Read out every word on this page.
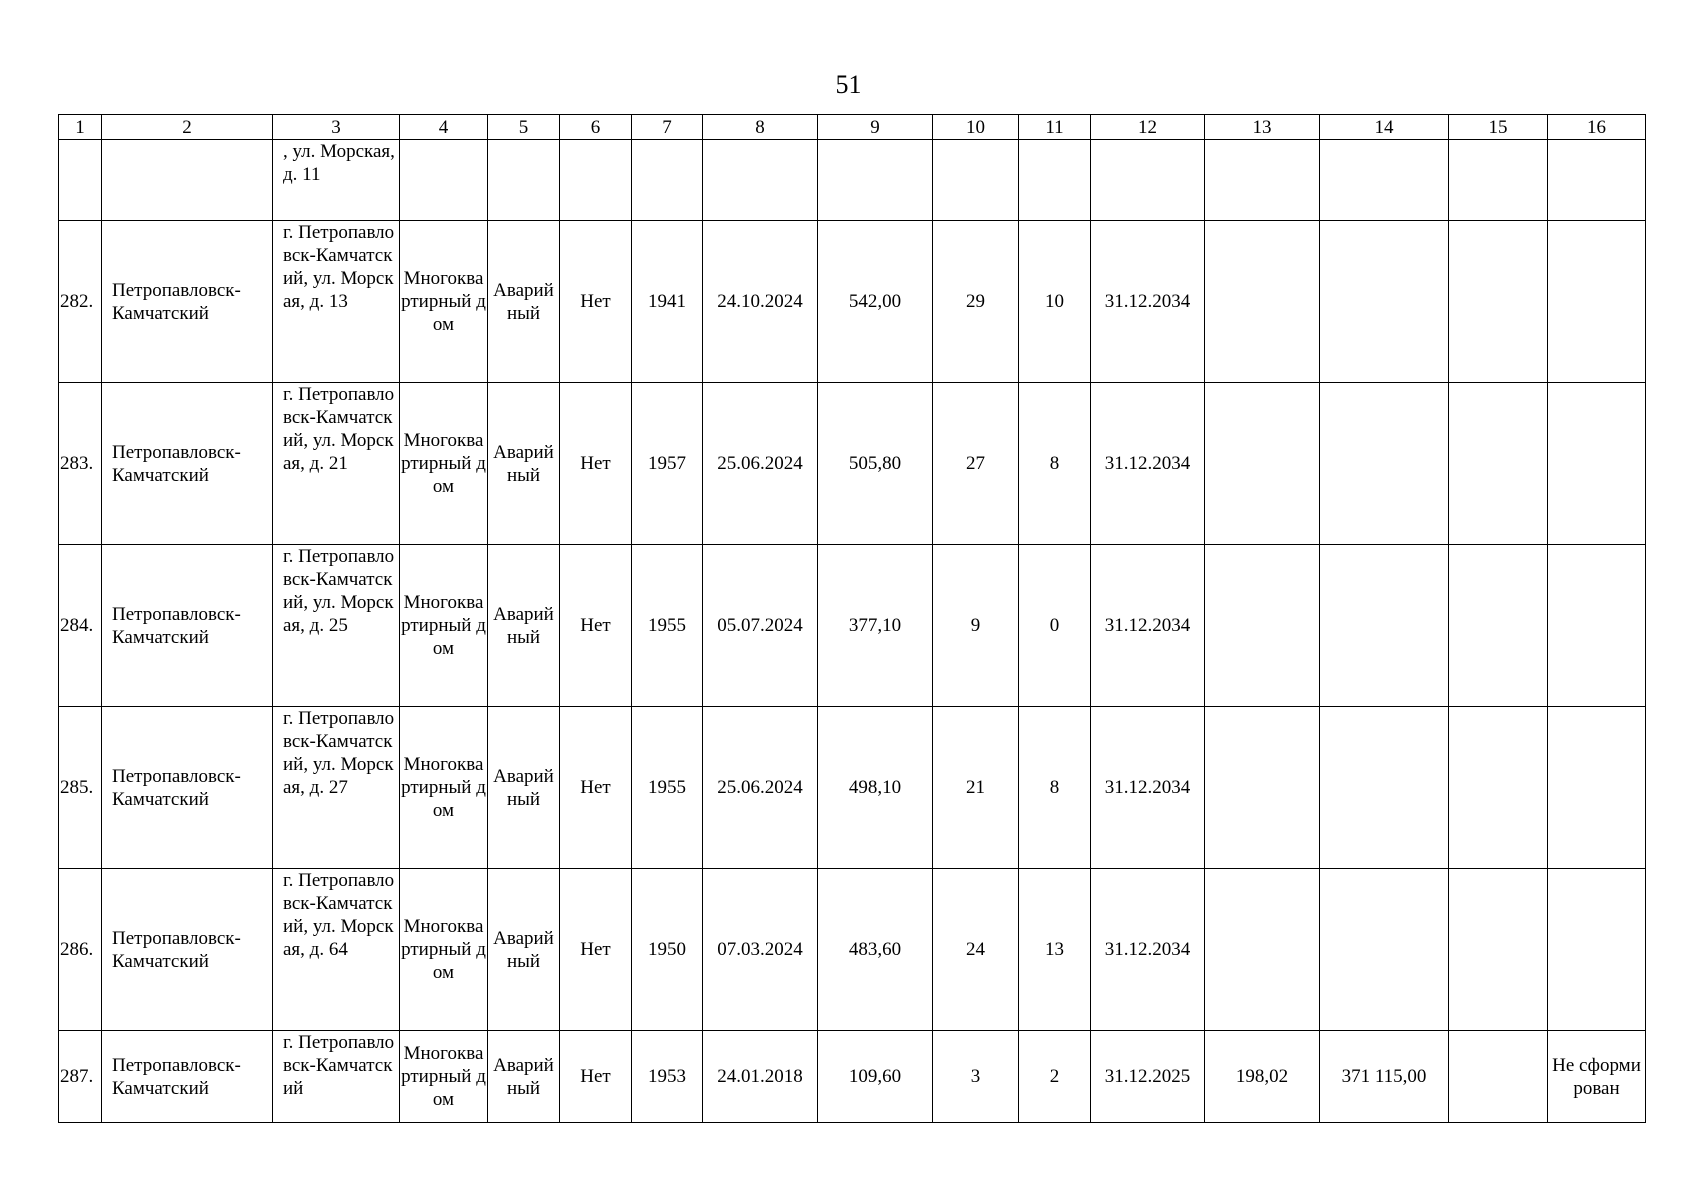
51
1	2	3	4	5	6	7	8	9	10	11	12	13	14	15	16
		, ул. Морская, д. 11													
282.	Петропавловск-Камчатский	г. Петропавловск-Камчатский, ул. Морская, д. 13	Многоквартирный дом	Аварийный	Нет	1941	24.10.2024	542,00	29	10	31.12.2034				
283.	Петропавловск-Камчатский	г. Петропавловск-Камчатский, ул. Морская, д. 21	Многоквартирный дом	Аварийный	Нет	1957	25.06.2024	505,80	27	8	31.12.2034				
284.	Петропавловск-Камчатский	г. Петропавловск-Камчатский, ул. Морская, д. 25	Многоквартирный дом	Аварийный	Нет	1955	05.07.2024	377,10	9	0	31.12.2034				
285.	Петропавловск-Камчатский	г. Петропавловск-Камчатский, ул. Морская, д. 27	Многоквартирный дом	Аварийный	Нет	1955	25.06.2024	498,10	21	8	31.12.2034				
286.	Петропавловск-Камчатский	г. Петропавловск-Камчатский, ул. Морская, д. 64	Многоквартирный дом	Аварийный	Нет	1950	07.03.2024	483,60	24	13	31.12.2034				
287.	Петропавловск-Камчатский	г. Петропавловск-Камчатский	Многоквартирный дом	Аварийный	Нет	1953	24.01.2018	109,60	3	2	31.12.2025	198,02	371 115,00		Не сформирован
